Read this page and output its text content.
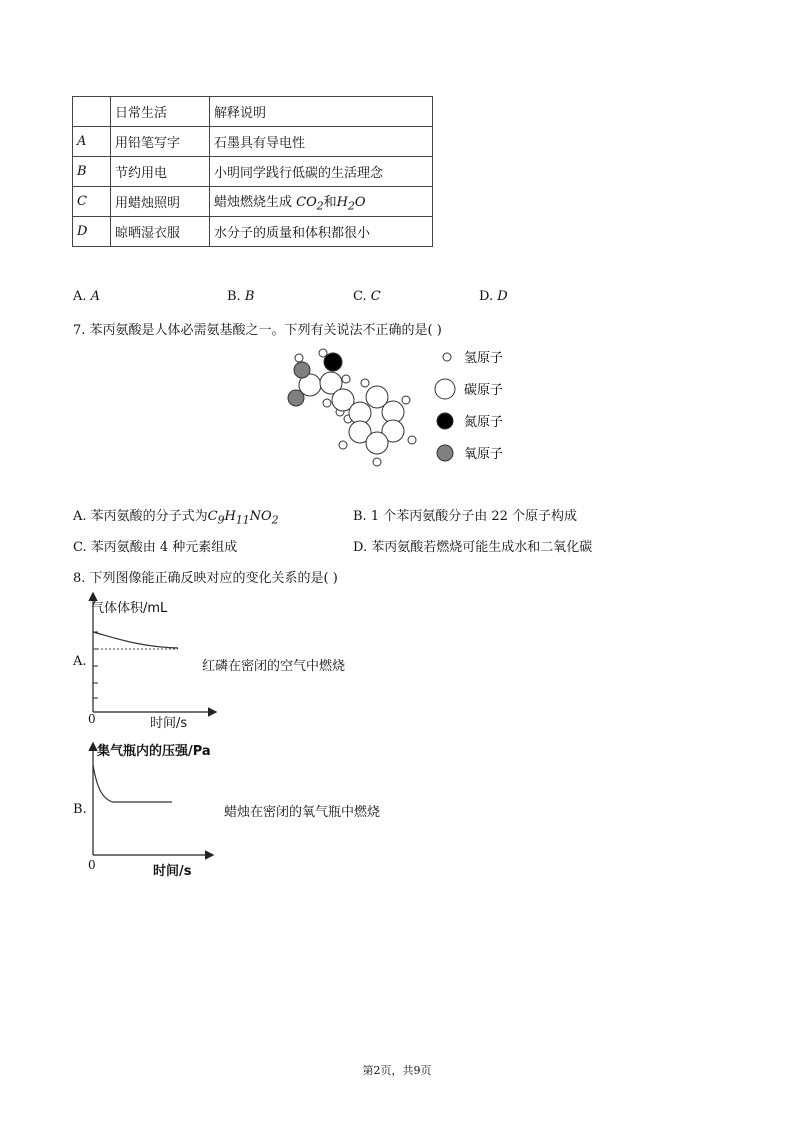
	日常生活	解释说明
A	用铅笔写字	石墨具有导电性
B	节约用电	小明同学践行低碳的生活理念
C	用蜡烛照明	蜡烛燃烧生成 $CO_2$和$H_2O$
D	晾晒湿衣服	水分子的质量和体积都很小
A. A	B. B	C. C	D. D
7. 苯丙氨酸是人体必需氨基酸之一。下列有关说法不正确的是( )
氢原子
碳原子
氮原子
氧原子
A. 苯丙氨酸的分子式为$C_9H_{11}NO_2$	B. 1 个苯丙氨酸分子由 22 个原子构成
C. 苯丙氨酸由 4 种元素组成	D. 苯丙氨酸若燃烧可能生成水和二氧化碳
8. 下列图像能正确反映对应的变化关系的是( )
气体体积/mL
0	时间/s
A.	红磷在密闭的空气中燃烧
集气瓶内的压强/Pa
0	时间/s
B.	蜡烛在密闭的氧气瓶中燃烧
第2页，共9页
